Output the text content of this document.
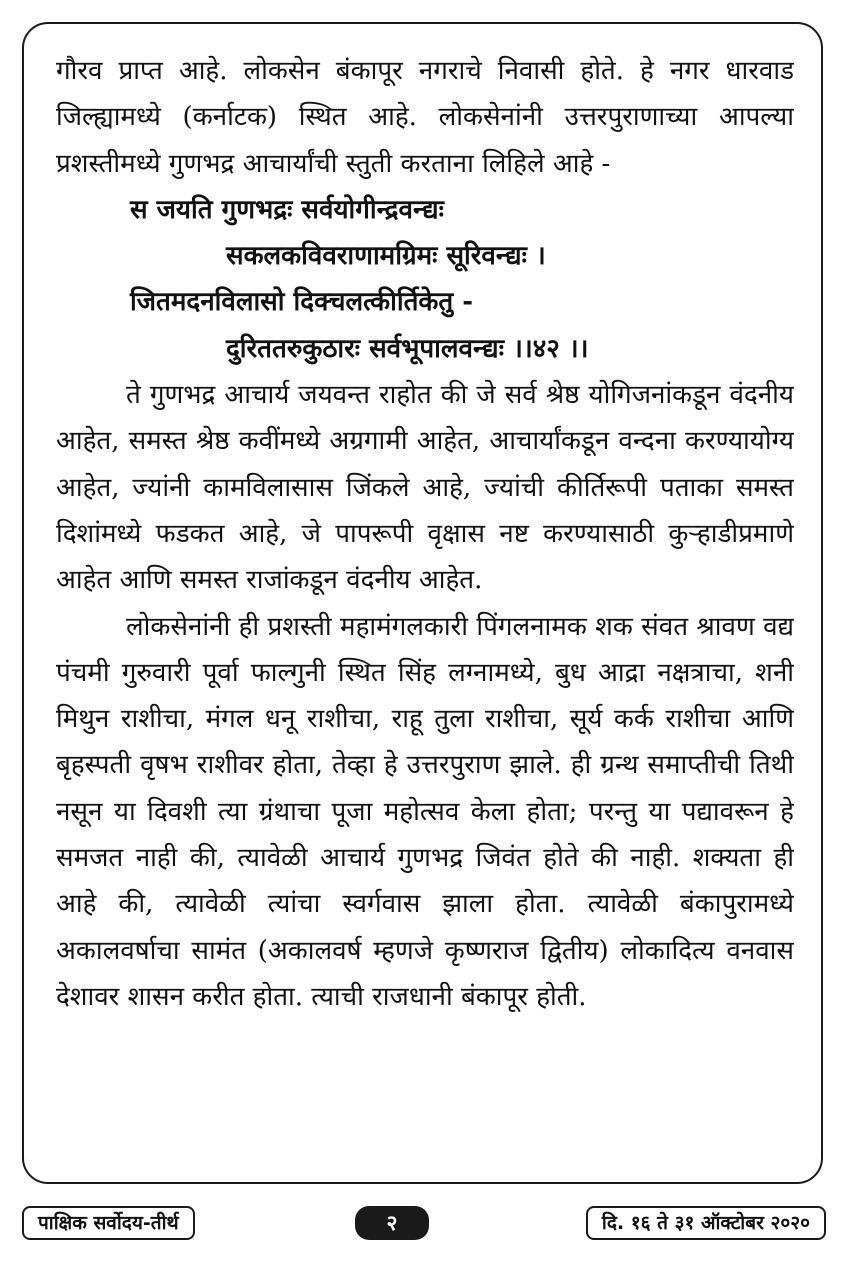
गौरव प्राप्त आहे. लोकसेन बंकापूर नगराचे निवासी होते. हे नगर धारवाड जिल्ह्यामध्ये (कर्नाटक) स्थित आहे. लोकसेनांनी उत्तरपुराणाच्या आपल्या प्रशस्तीमध्ये गुणभद्र आचार्यांची स्तुती करताना लिहिले आहे -

स जयति गुणभद्रः सर्वयोगीन्द्रवन्द्यः
सकलकविवराणामग्रिमः सूरिवन्द्यः ।
जितमदनविलासो दिक्चलत्कीर्तिकेतु -
दुरिततरुकुठारः सर्वभूपालवन्द्यः ।।४२ ।।

ते गुणभद्र आचार्य जयवन्त राहोत की जे सर्व श्रेष्ठ योगिजनांकडून वंदनीय आहेत, समस्त श्रेष्ठ कवींमध्ये अग्रगामी आहेत, आचार्यांकडून वन्दना करण्यायोग्य आहेत, ज्यांनी कामविलासास जिंकले आहे, ज्यांची कीर्तिरूपी पताका समस्त दिशांमध्ये फडकत आहे, जे पापरूपी वृक्षास नष्ट करण्यासाठी कुऱ्हाडीप्रमाणे आहेत आणि समस्त राजांकडून वंदनीय आहेत.

लोकसेनांनी ही प्रशस्ती महामंगलकारी पिंगलनामक शक संवत श्रावण वद्य पंचमी गुरुवारी पूर्वा फाल्गुनी स्थित सिंह लग्नामध्ये, बुध आद्रा नक्षत्राचा, शनी मिथुन राशीचा, मंगल धनू राशीचा, राहू तुला राशीचा, सूर्य कर्क राशीचा आणि बृहस्पती वृषभ राशीवर होता, तेव्हा हे उत्तरपुराण झाले. ही ग्रन्थ समाप्तीची तिथी नसून या दिवशी त्या ग्रंथाचा पूजा महोत्सव केला होता; परन्तु या पद्यावरून हे समजत नाही की, त्यावेळी आचार्य गुणभद्र जिवंत होते की नाही. शक्यता ही आहे की, त्यावेळी त्यांचा स्वर्गवास झाला होता. त्यावेळी बंकापुरामध्ये अकालवर्षाचा सामंत (अकालवर्ष म्हणजे कृष्णराज द्वितीय) लोकादित्य वनवास देशावर शासन करीत होता. त्याची राजधानी बंकापूर होती.

पाक्षिक सर्वोदय-तीर्थ	२	दि. १६ ते ३१ ऑक्टोबर २०२०
